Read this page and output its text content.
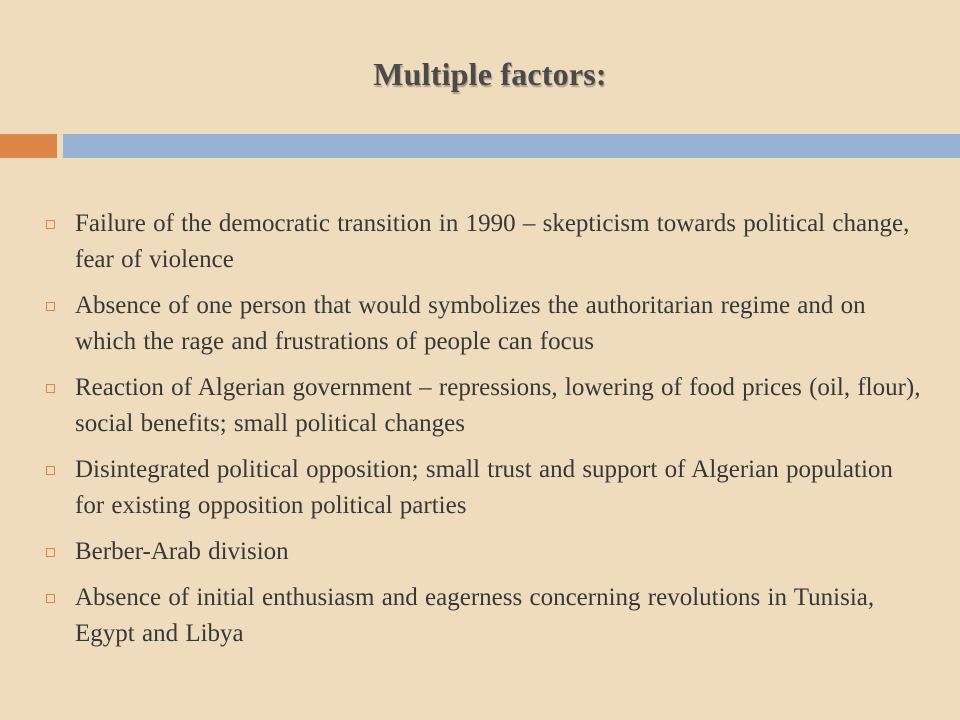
Multiple factors:
Failure of the democratic transition in 1990 – skepticism towards political change, fear of violence
Absence of one person that would symbolizes the authoritarian regime and on which the rage and frustrations of people can focus
Reaction of Algerian government – repressions, lowering of food prices (oil, flour), social benefits; small political changes
Disintegrated political opposition; small trust and support of Algerian population for existing opposition political parties
Berber-Arab division
Absence of initial enthusiasm and eagerness concerning revolutions in Tunisia, Egypt and Libya
